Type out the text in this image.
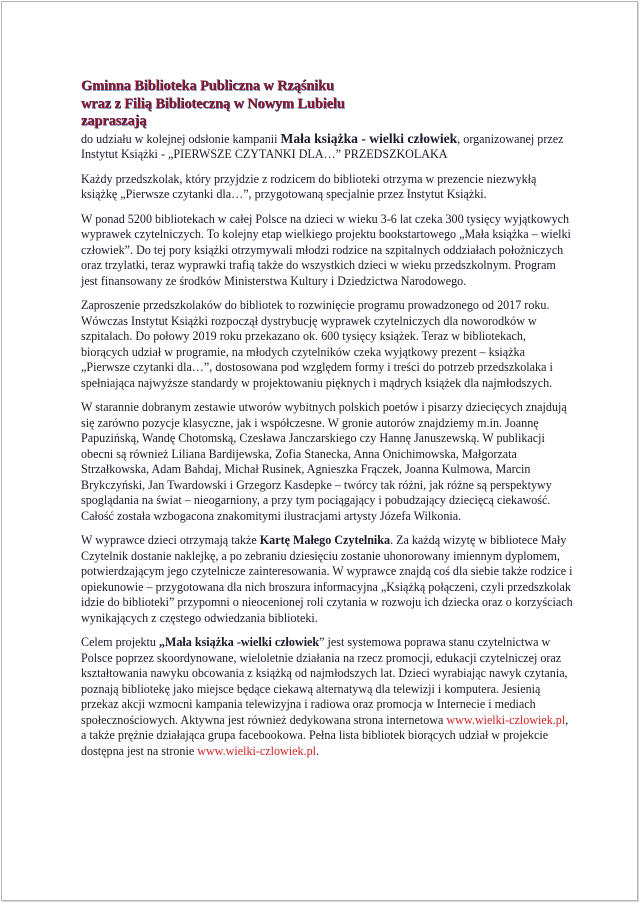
Gminna Biblioteka Publiczna w Rząśniku
wraz z Filią Biblioteczną w Nowym Lubielu
zapraszają

do udziału w kolejnej odsłonie kampanii Mała książka - wielki człowiek, organizowanej przez Instytut Książki - „PIERWSZE CZYTANKI DLA…” PRZEDSZKOLAKA

Każdy przedszkolak, który przyjdzie z rodzicem do biblioteki otrzyma w prezencie niezwykłą książkę „Pierwsze czytanki dla…”, przygotowaną specjalnie przez Instytut Książki.

W ponad 5200 bibliotekach w całej Polsce na dzieci w wieku 3-6 lat czeka 300 tysięcy wyjątkowych wyprawek czytelniczych. To kolejny etap wielkiego projektu bookstartowego „Mała książka – wielki człowiek”. Do tej pory książki otrzymywali młodzi rodzice na szpitalnych oddziałach położniczych oraz trzylatki, teraz wyprawki trafią także do wszystkich dzieci w wieku przedszkolnym. Program jest finansowany ze środków Ministerstwa Kultury i Dziedzictwa Narodowego.

Zaproszenie przedszkolaków do bibliotek to rozwinięcie programu prowadzonego od 2017 roku. Wówczas Instytut Książki rozpoczął dystrybucję wyprawek czytelniczych dla noworodków w szpitalach. Do połowy 2019 roku przekazano ok. 600 tysięcy książek. Teraz w bibliotekach, biorących udział w programie, na młodych czytelników czeka wyjątkowy prezent – książka „Pierwsze czytanki dla…”, dostosowana pod względem formy i treści do potrzeb przedszkolaka i spełniająca najwyższe standardy w projektowaniu pięknych i mądrych książek dla najmłodszych.

W starannie dobranym zestawie utworów wybitnych polskich poetów i pisarzy dziecięcych znajdują się zarówno pozycje klasyczne, jak i współczesne. W gronie autorów znajdziemy m.in. Joannę Papuzińską, Wandę Chotomską, Czesława Janczarskiego czy Hannę Januszewską. W publikacji obecni są również Liliana Bardijewska, Zofia Stanecka, Anna Onichimowska, Małgorzata Strzałkowska, Adam Bahdaj, Michał Rusinek, Agnieszka Frączek, Joanna Kulmowa, Marcin Brykczyński, Jan Twardowski i Grzegorz Kasdepke – twórcy tak różni, jak różne są perspektywy spoglądania na świat – nieogarniony, a przy tym pociągający i pobudzający dziecięcą ciekawość. Całość została wzbogacona znakomitymi ilustracjami artysty Józefa Wilkonia.

W wyprawce dzieci otrzymają także Kartę Małego Czytelnika. Za każdą wizytę w bibliotece Mały Czytelnik dostanie naklejkę, a po zebraniu dziesięciu zostanie uhonorowany imiennym dyplomem, potwierdzającym jego czytelnicze zainteresowania. W wyprawce znajdą coś dla siebie także rodzice i opiekunowie – przygotowana dla nich broszura informacyjna „Książką połączeni, czyli przedszkolak idzie do biblioteki” przypomni o nieocenionej roli czytania w rozwoju ich dziecka oraz o korzyściach wynikających z częstego odwiedzania biblioteki.

Celem projektu „Mała książka -wielki człowiek” jest systemowa poprawa stanu czytelnictwa w Polsce poprzez skoordynowane, wieloletnie działania na rzecz promocji, edukacji czytelniczej oraz kształtowania nawyku obcowania z książką od najmłodszych lat. Dzieci wyrabiając nawyk czytania, poznają bibliotekę jako miejsce będące ciekawą alternatywą dla telewizji i komputera. Jesienią przekaz akcji wzmocni kampania telewizyjna i radiowa oraz promocja w Internecie i mediach społecznościowych. Aktywna jest również dedykowana strona internetowa www.wielki-czlowiek.pl, a także prężnie działająca grupa facebookowa. Pełna lista bibliotek biorących udział w projekcie dostępna jest na stronie www.wielki-czlowiek.pl.
